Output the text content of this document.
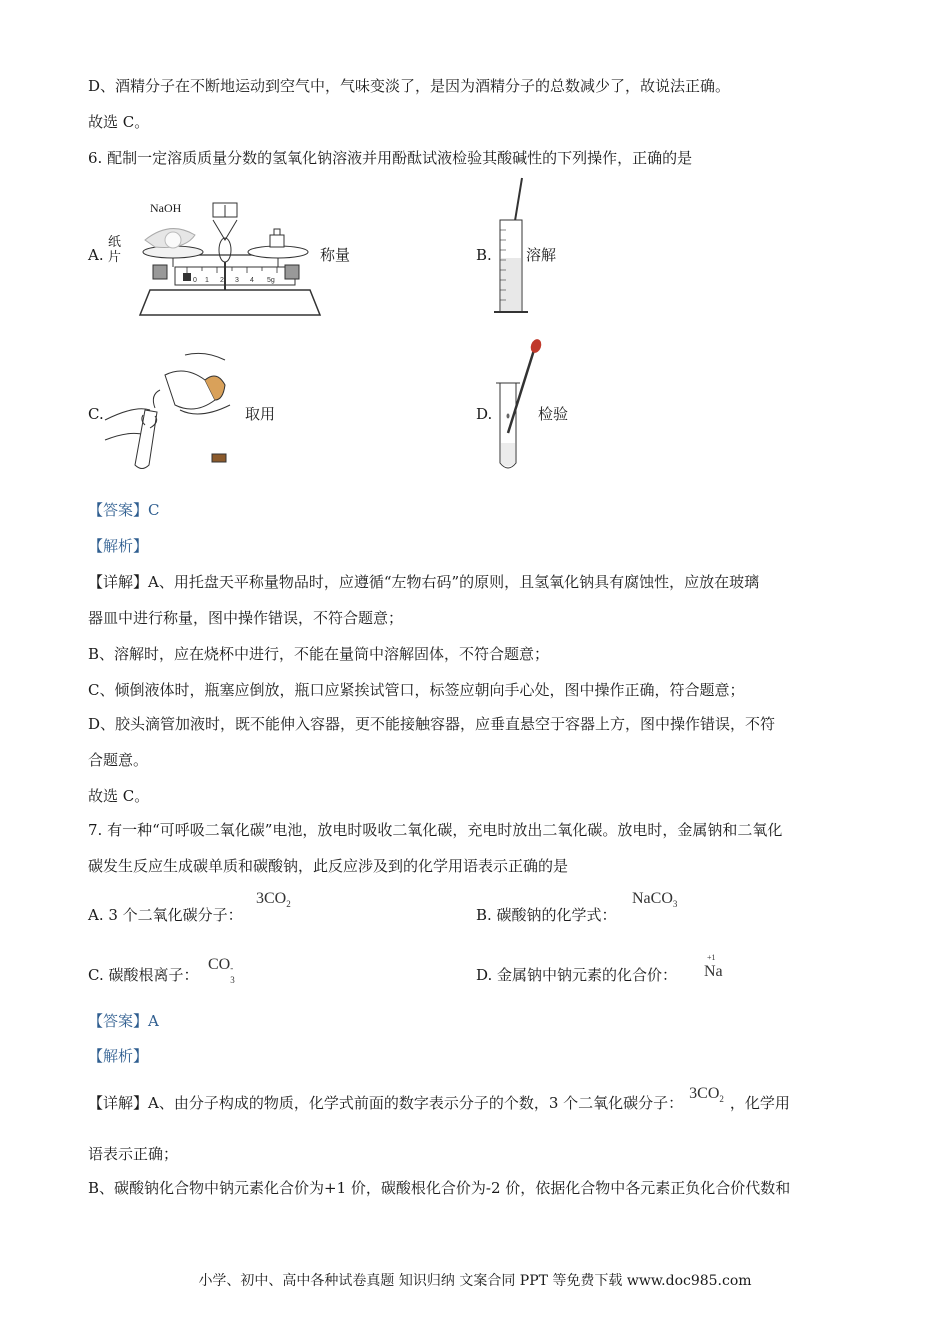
D、酒精分子在不断地运动到空气中，气味变淡了，是因为酒精分子的总数减少了，故说法正确。
故选 C。
6. 配制一定溶质质量分数的氢氧化钠溶液并用酚酞试液检验其酸碱性的下列操作，正确的是
A.
纸
片
NaOH
称量
0 1 2 3 4 5g
B. 溶解
C.	取用	D.	检验
【答案】C
【解析】
【详解】A、用托盘天平称量物品时，应遵循“左物右码”的原则，且氢氧化钠具有腐蚀性，应放在玻璃
器皿中进行称量，图中操作错误，不符合题意；
B、溶解时，应在烧杯中进行，不能在量筒中溶解固体，不符合题意；
C、倾倒液体时，瓶塞应倒放，瓶口应紧挨试管口，标签应朝向手心处，图中操作正确，符合题意；
D、胶头滴管加液时，既不能伸入容器，更不能接触容器，应垂直悬空于容器上方，图中操作错误，不符
合题意。
故选 C。
7. 有一种“可呼吸二氧化碳”电池，放电时吸收二氧化碳，充电时放出二氧化碳。放电时，金属钠和二氧化
碳发生反应生成碳单质和碳酸钠，此反应涉及到的化学用语表示正确的是
A. 3 个二氧化碳分子：
$3CO_2$
B. 碳酸钠的化学式：
NaCO$_3$
C. 碳酸根离子：
CO -
3	D. 金属钠中钠元素的化合价：
+1
Na
【答案】A
【解析】
【详解】A、由分子构成的物质，化学式前面的数字表示分子的个数，3 个二氧化碳分子：$3CO_2$ ，化学用
语表示正确；
B、碳酸钠化合物中钠元素化合价为+1 价，碳酸根化合价为-2 价，依据化合物中各元素正负化合价代数和
小学、初中、高中各种试卷真题 知识归纳 文案合同 PPT 等免费下载 www.doc985.com
